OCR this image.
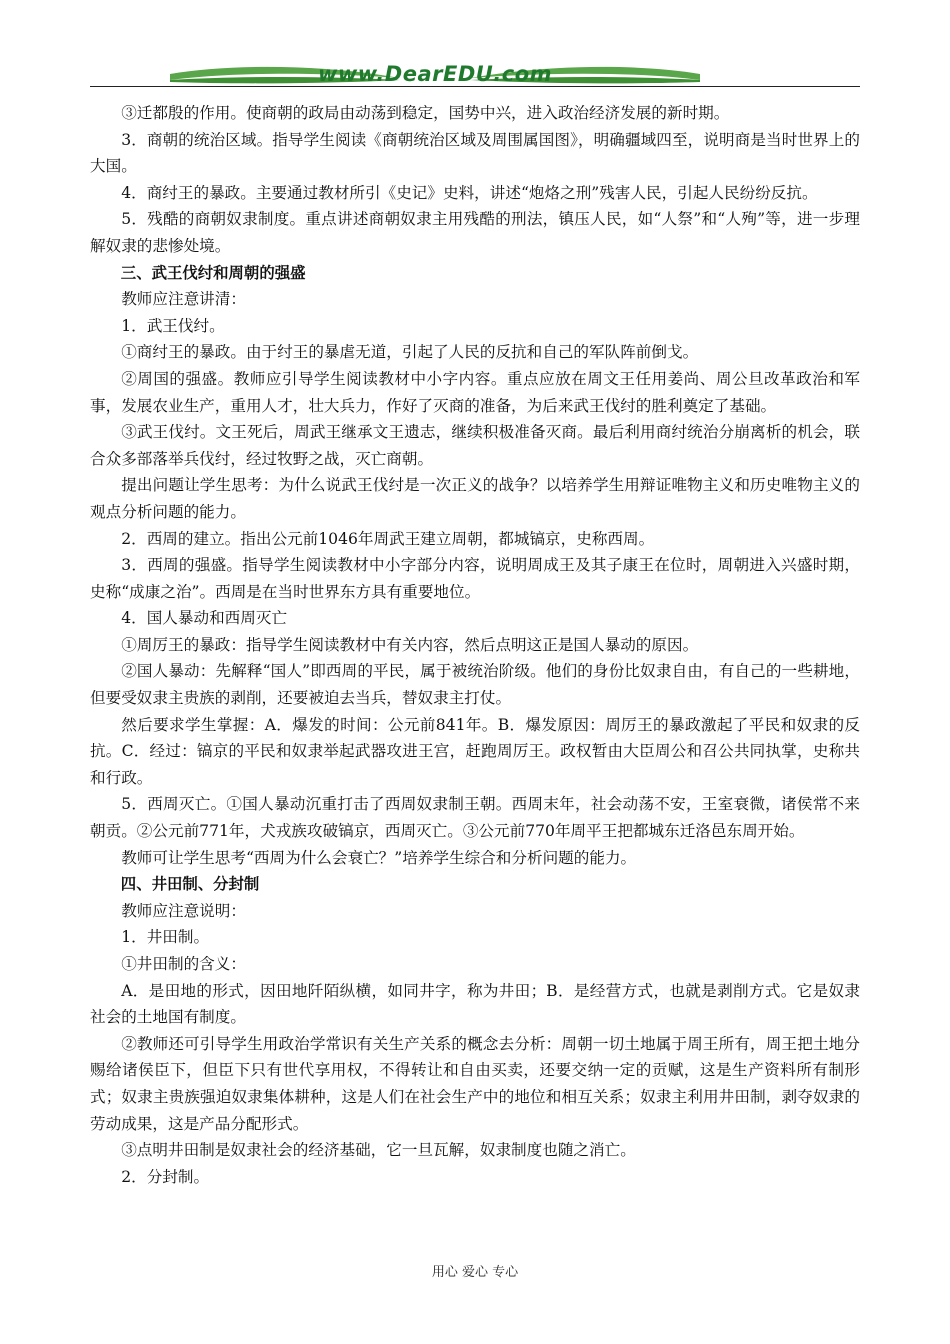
www.DearEDU.com

③迁都殷的作用。使商朝的政局由动荡到稳定，国势中兴，进入政治经济发展的新时期。

3．商朝的统治区域。指导学生阅读《商朝统治区域及周围属国图》，明确疆域四至，说明商是当时世界上的大国。

4．商纣王的暴政。主要通过教材所引《史记》史料，讲述“炮烙之刑”残害人民，引起人民纷纷反抗。

5．残酷的商朝奴隶制度。重点讲述商朝奴隶主用残酷的刑法，镇压人民，如“人祭”和“人殉”等，进一步理解奴隶的悲惨处境。

三、武王伐纣和周朝的强盛

教师应注意讲清：

1．武王伐纣。

①商纣王的暴政。由于纣王的暴虐无道，引起了人民的反抗和自己的军队阵前倒戈。

②周国的强盛。教师应引导学生阅读教材中小字内容。重点应放在周文王任用姜尚、周公旦改革政治和军事，发展农业生产，重用人才，壮大兵力，作好了灭商的准备，为后来武王伐纣的胜利奠定了基础。

③武王伐纣。文王死后，周武王继承文王遗志，继续积极准备灭商。最后利用商纣统治分崩离析的机会，联合众多部落举兵伐纣，经过牧野之战，灭亡商朝。

提出问题让学生思考：为什么说武王伐纣是一次正义的战争？以培养学生用辩证唯物主义和历史唯物主义的观点分析问题的能力。

2．西周的建立。指出公元前1046年周武王建立周朝，都城镐京，史称西周。

3．西周的强盛。指导学生阅读教材中小字部分内容，说明周成王及其子康王在位时，周朝进入兴盛时期，史称“成康之治”。西周是在当时世界东方具有重要地位。

4．国人暴动和西周灭亡

①周厉王的暴政：指导学生阅读教材中有关内容，然后点明这正是国人暴动的原因。

②国人暴动：先解释“国人”即西周的平民，属于被统治阶级。他们的身份比奴隶自由，有自己的一些耕地，但要受奴隶主贵族的剥削，还要被迫去当兵，替奴隶主打仗。

然后要求学生掌握：A．爆发的时间：公元前841年。B．爆发原因：周厉王的暴政激起了平民和奴隶的反抗。C．经过：镐京的平民和奴隶举起武器攻进王宫，赶跑周厉王。政权暂由大臣周公和召公共同执掌，史称共和行政。

5．西周灭亡。①国人暴动沉重打击了西周奴隶制王朝。西周末年，社会动荡不安，王室衰微，诸侯常不来朝贡。②公元前771年，犬戎族攻破镐京，西周灭亡。③公元前770年周平王把都城东迁洛邑东周开始。

教师可让学生思考“西周为什么会衰亡？”培养学生综合和分析问题的能力。

四、井田制、分封制

教师应注意说明：

1．井田制。

①井田制的含义：

A．是田地的形式，因田地阡陌纵横，如同井字，称为井田；B．是经营方式，也就是剥削方式。它是奴隶社会的土地国有制度。

②教师还可引导学生用政治学常识有关生产关系的概念去分析：周朝一切土地属于周王所有，周王把土地分赐给诸侯臣下，但臣下只有世代享用权，不得转让和自由买卖，还要交纳一定的贡赋，这是生产资料所有制形式；奴隶主贵族强迫奴隶集体耕种，这是人们在社会生产中的地位和相互关系；奴隶主利用井田制，剥夺奴隶的劳动成果，这是产品分配形式。

③点明井田制是奴隶社会的经济基础，它一旦瓦解，奴隶制度也随之消亡。

2．分封制。

用心 爱心 专心
